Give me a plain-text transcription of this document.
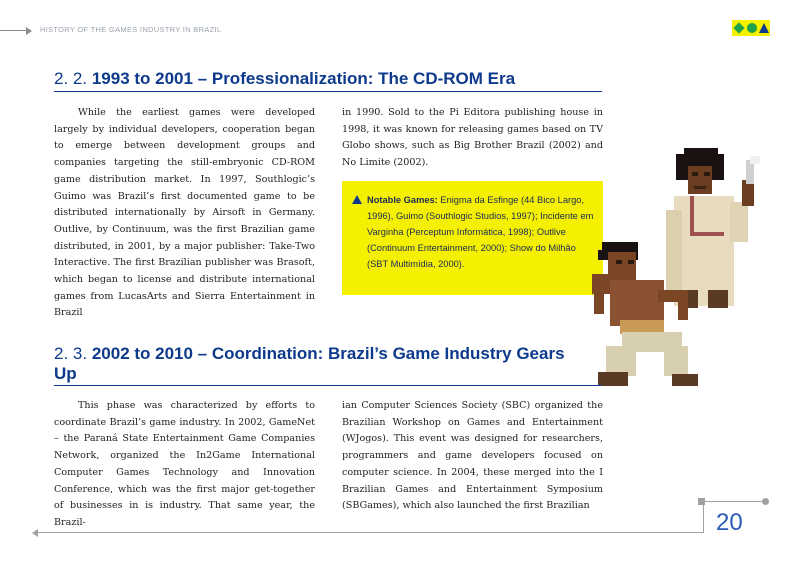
HISTORY OF THE GAMES INDUSTRY IN BRAZIL
2. 2. 1993 to 2001 – Professionalization: The CD-ROM Era

While the earliest games were developed largely by individual developers, cooperation began to emerge between development groups and companies targeting the still-embryonic CD-ROM game distribution market. In 1997, Southlogic’s Guimo was Brazil’s first documented game to be distributed internationally by Airsoft in Germany. Outlive, by Continuum, was the first Brazilian game distributed, in 2001, by a major publisher: Take-Two Interactive. The first Brazilian publisher was Brasoft, which began to license and distribute international games from LucasArts and Sierra Entertainment in Brazil

in 1990. Sold to the Pi Editora publishing house in 1998, it was known for releasing games based on TV Globo shows, such as Big Brother Brazil (2002) and No Limite (2002).

Notable Games: Enigma da Esfinge (44 Bico Largo, 1996), Guimo (Southlogic Studios, 1997); Incidente em Varginha (Perceptum Informática, 1998); Outlive (Continuum Entertainment, 2000); Show do Milhão (SBT Multimídia, 2000).
2. 3. 2002 to 2010 – Coordination: Brazil’s Game Industry Gears Up

This phase was characterized by efforts to coordinate Brazil’s game industry. In 2002, GameNet – the Paraná State Entertainment Game Companies Network, organized the In2Game International Computer Games Technology and Innovation Conference, which was the first major get-together of businesses in is industry. That same year, the Brazil-

ian Computer Sciences Society (SBC) organized the Brazilian Workshop on Games and Entertainment (WJogos). This event was designed for researchers, programmers and game developers focused on computer science. In 2004, these merged into the I Brazilian Games and Entertainment Symposium (SBGames), which also launched the first Brazilian

20
